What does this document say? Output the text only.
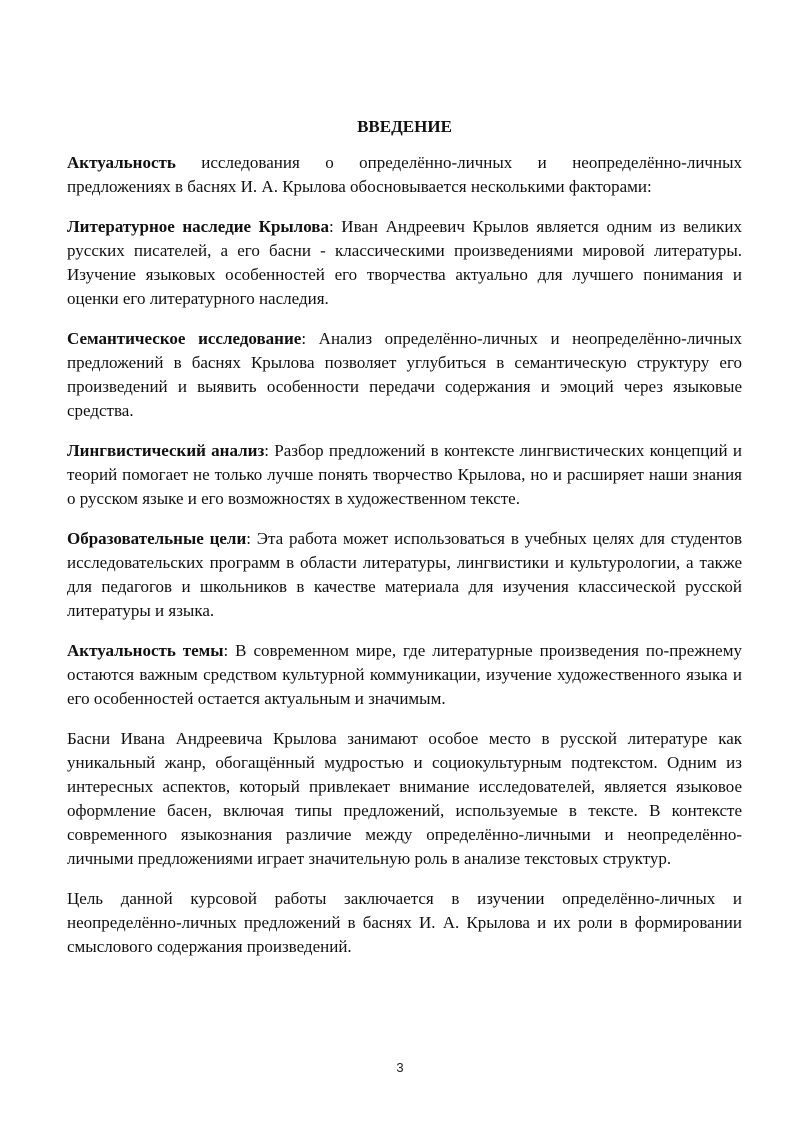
ВВЕДЕНИЕ

Актуальность исследования о определённо-личных и неопределённо-личных предложениях в баснях И. А. Крылова обосновывается несколькими факторами:

Литературное наследие Крылова: Иван Андреевич Крылов является одним из великих русских писателей, а его басни - классическими произведениями мировой литературы. Изучение языковых особенностей его творчества актуально для лучшего понимания и оценки его литературного наследия.

Семантическое исследование: Анализ определённо-личных и неопределённо-личных предложений в баснях Крылова позволяет углубиться в семантическую структуру его произведений и выявить особенности передачи содержания и эмоций через языковые средства.

Лингвистический анализ: Разбор предложений в контексте лингвистических концепций и теорий помогает не только лучше понять творчество Крылова, но и расширяет наши знания о русском языке и его возможностях в художественном тексте.

Образовательные цели: Эта работа может использоваться в учебных целях для студентов исследовательских программ в области литературы, лингвистики и культурологии, а также для педагогов и школьников в качестве материала для изучения классической русской литературы и языка.

Актуальность темы: В современном мире, где литературные произведения по-прежнему остаются важным средством культурной коммуникации, изучение художественного языка и его особенностей остается актуальным и значимым.

Басни Ивана Андреевича Крылова занимают особое место в русской литературе как уникальный жанр, обогащённый мудростью и социокультурным подтекстом. Одним из интересных аспектов, который привлекает внимание исследователей, является языковое оформление басен, включая типы предложений, используемые в тексте. В контексте современного языкознания различие между определённо-личными и неопределённо-личными предложениями играет значительную роль в анализе текстовых структур.

Цель данной курсовой работы заключается в изучении определённо-личных и неопределённо-личных предложений в баснях И. А. Крылова и их роли в формировании смыслового содержания произведений.

3
